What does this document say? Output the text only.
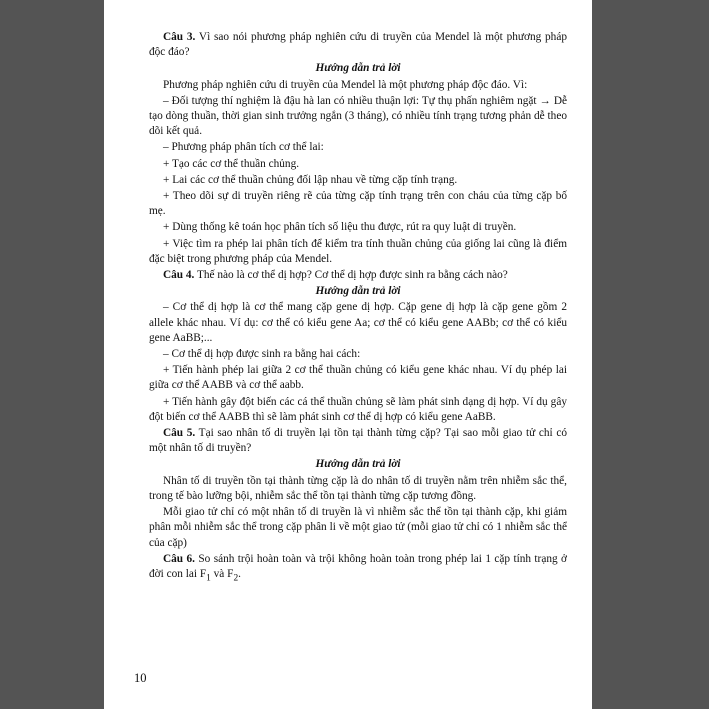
Câu 3. Vì sao nói phương pháp nghiên cứu di truyền của Mendel là một phương pháp độc đáo?

Hướng dẫn trả lời

Phương pháp nghiên cứu di truyền của Mendel là một phương pháp độc đáo. Vì:

– Đối tượng thí nghiệm là đậu hà lan có nhiều thuận lợi: Tự thụ phấn nghiêm ngặt → Dễ tạo dòng thuần, thời gian sinh trưởng ngắn (3 tháng), có nhiều tính trạng tương phản dễ theo dõi kết quả.

– Phương pháp phân tích cơ thể lai:

+ Tạo các cơ thể thuần chủng.

+ Lai các cơ thể thuần chủng đối lập nhau về từng cặp tính trạng.

+ Theo dõi sự di truyền riêng rẽ của từng cặp tính trạng trên con cháu của từng cặp bố mẹ.

+ Dùng thống kê toán học phân tích số liệu thu được, rút ra quy luật di truyền.

+ Việc tìm ra phép lai phân tích để kiểm tra tính thuần chủng của giống lai cũng là điểm đặc biệt trong phương pháp của Mendel.

Câu 4. Thế nào là cơ thể dị hợp? Cơ thể dị hợp được sinh ra bằng cách nào?

Hướng dẫn trả lời

– Cơ thể dị hợp là cơ thể mang cặp gene dị hợp. Cặp gene dị hợp là cặp gene gồm 2 allele khác nhau. Ví dụ: cơ thể có kiểu gene Aa; cơ thể có kiểu gene AABb; cơ thể có kiểu gene AaBB;...

– Cơ thể dị hợp được sinh ra bằng hai cách:

+ Tiến hành phép lai giữa 2 cơ thể thuần chủng có kiểu gene khác nhau. Ví dụ phép lai giữa cơ thể AABB và cơ thể aabb.

+ Tiến hành gây đột biến các cá thể thuần chủng sẽ làm phát sinh dạng dị hợp. Ví dụ gây đột biến cơ thể AABB thì sẽ làm phát sinh cơ thể dị hợp có kiểu gene AaBB.

Câu 5. Tại sao nhân tố di truyền lại tồn tại thành từng cặp? Tại sao mỗi giao tử chỉ có một nhân tố di truyền?

Hướng dẫn trả lời

Nhân tố di truyền tồn tại thành từng cặp là do nhân tố di truyền nằm trên nhiễm sắc thể, trong tế bào lưỡng bội, nhiễm sắc thể tồn tại thành từng cặp tương đồng.

Mỗi giao tử chỉ có một nhân tố di truyền là vì nhiễm sắc thể tồn tại thành cặp, khi giảm phân mỗi nhiễm sắc thể trong cặp phân li về một giao tử (mỗi giao tử chỉ có 1 nhiễm sắc thể của cặp)

Câu 6. So sánh trội hoàn toàn và trội không hoàn toàn trong phép lai 1 cặp tính trạng ở đời con lai $F_1$ và $F_2$.

10
